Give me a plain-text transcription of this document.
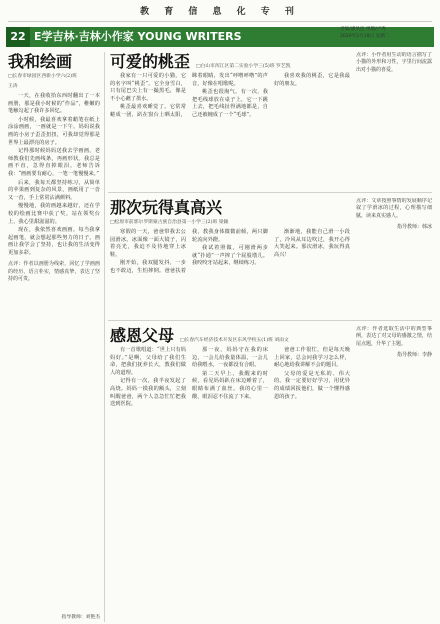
教 育 信 息 化 专 刊
22 E学吉林·吉林小作家 YOUNG WRITERS
责编/潘凤连 组版/卢秀
2020年2月18日 星期二
我和绘画
□长春市绿园区西新小学六(2)班
王涛
一天，在我收拾东西时翻出了一本画册，那是我小时候的“作品”，稚嫩的笔触勾起了我许多回忆。
小时候，我最喜欢拿着蜡笔在纸上涂涂画画，一画就是一下午。妈妈说我画的小房子歪歪扭扭，可我却觉得那是世界上最漂亮的房子。
记得那时候妈妈送我去学画画，老师教我们先画线条，再画形状。我总是画不直，急得直掉眼泪。老师告诉我：“画画要有耐心，一笔一笔慢慢来。”
后来，我每天都坚持练习，从简单的苹果画到复杂的风景，画纸用了一沓又一沓，手上常常沾满颜料。
慢慢地，我的画越来越好，还在学校的绘画比赛中获了奖。站在领奖台上，我心里甜滋滋的。
现在，我依然喜欢画画。每当我拿起画笔，就会想起那些努力的日子。画画让我学会了坚持，也让我的生活变得更加多彩。
点评：作者以画册为线索，回忆了学画画的经历，语言朴实，情感真挚，表达了坚持的可贵。
指导教师：刘艳杰
可爱的桃歪 □白山市浑江区第二实验小学三(5)班 罗艺凯
我家有一只可爱的小猫，它的名字叫“桃歪”。它全身雪白，只有尾巴尖上有一撮黑毛，像是不小心蘸了墨水。
桃歪最喜欢睡觉了。它常常蜷成一团，趴在窗台上晒太阳，眯着眼睛，发出“呼噜呼噜”的声音，好像在唱歌呢。
桃歪也很淘气。有一次，我把毛线球放在桌子上，它一下跳上去，把毛线扯得满地都是，自己还被缠成了一个“毛球”。
我喜欢我的桃歪，它是我最好的朋友。
点评：小作者用生动的语言描写了小猫的外形和习性，字里行间流露出对小猫的喜爱。
那次玩得真高兴
□松原市前郭尔罗斯蒙古族自治县第一小学三(2)班 梁颖
寒假的一天，爸爸带我去公园滑冰。冰面像一面大镜子，闪着亮光，我迫不及待地穿上冰鞋。
刚开始，我双腿发抖，一步也不敢迈，生怕摔倒。爸爸扶着我，教我身体微微前倾，两只脚轮流向外蹬。
我试着照做，可刚滑两步就“扑通”一声摔了个屁股墩儿。我咬咬牙站起来，继续练习。
渐渐地，我能自己滑一小段了，冷风从耳边吹过，我开心得大笑起来。那次滑冰，我玩得真高兴！
点评：文章按照事情的发展顺序记叙了学滑冰的过程，心理描写细腻，读来真实感人。
指导教师：韩冰
感恩父母 □长春汽车经济技术开发区东风学校五(1)班 刘雨文
有一首歌唱道：“世上只有妈妈好。”是啊，父母给了我们生命，把我们抚养长大，教我们做人的道理。
记得有一次，我半夜发起了高烧。妈妈一摸我的额头，立刻叫醒爸爸，两个人急急忙忙把我送到医院。
那一夜，妈妈守在我的床边，一会儿给我量体温，一会儿给我喂水，一夜都没有合眼。
第二天早上，我醒来的时候，看见妈妈趴在床边睡着了，眼睛布满了血丝。我的心里一酸，眼泪忍不住流了下来。
爸爸工作很忙，但是每天晚上回家，总会问我学习怎么样，耐心地给我讲解不会的题目。
父母的爱是无私的、伟大的。我一定要好好学习，用优异的成绩回报他们，做一个懂得感恩的孩子。
点评：作者选取生活中的典型事例，表达了对父母的感激之情，结尾点题，升华了主题。
指导教师：李静
